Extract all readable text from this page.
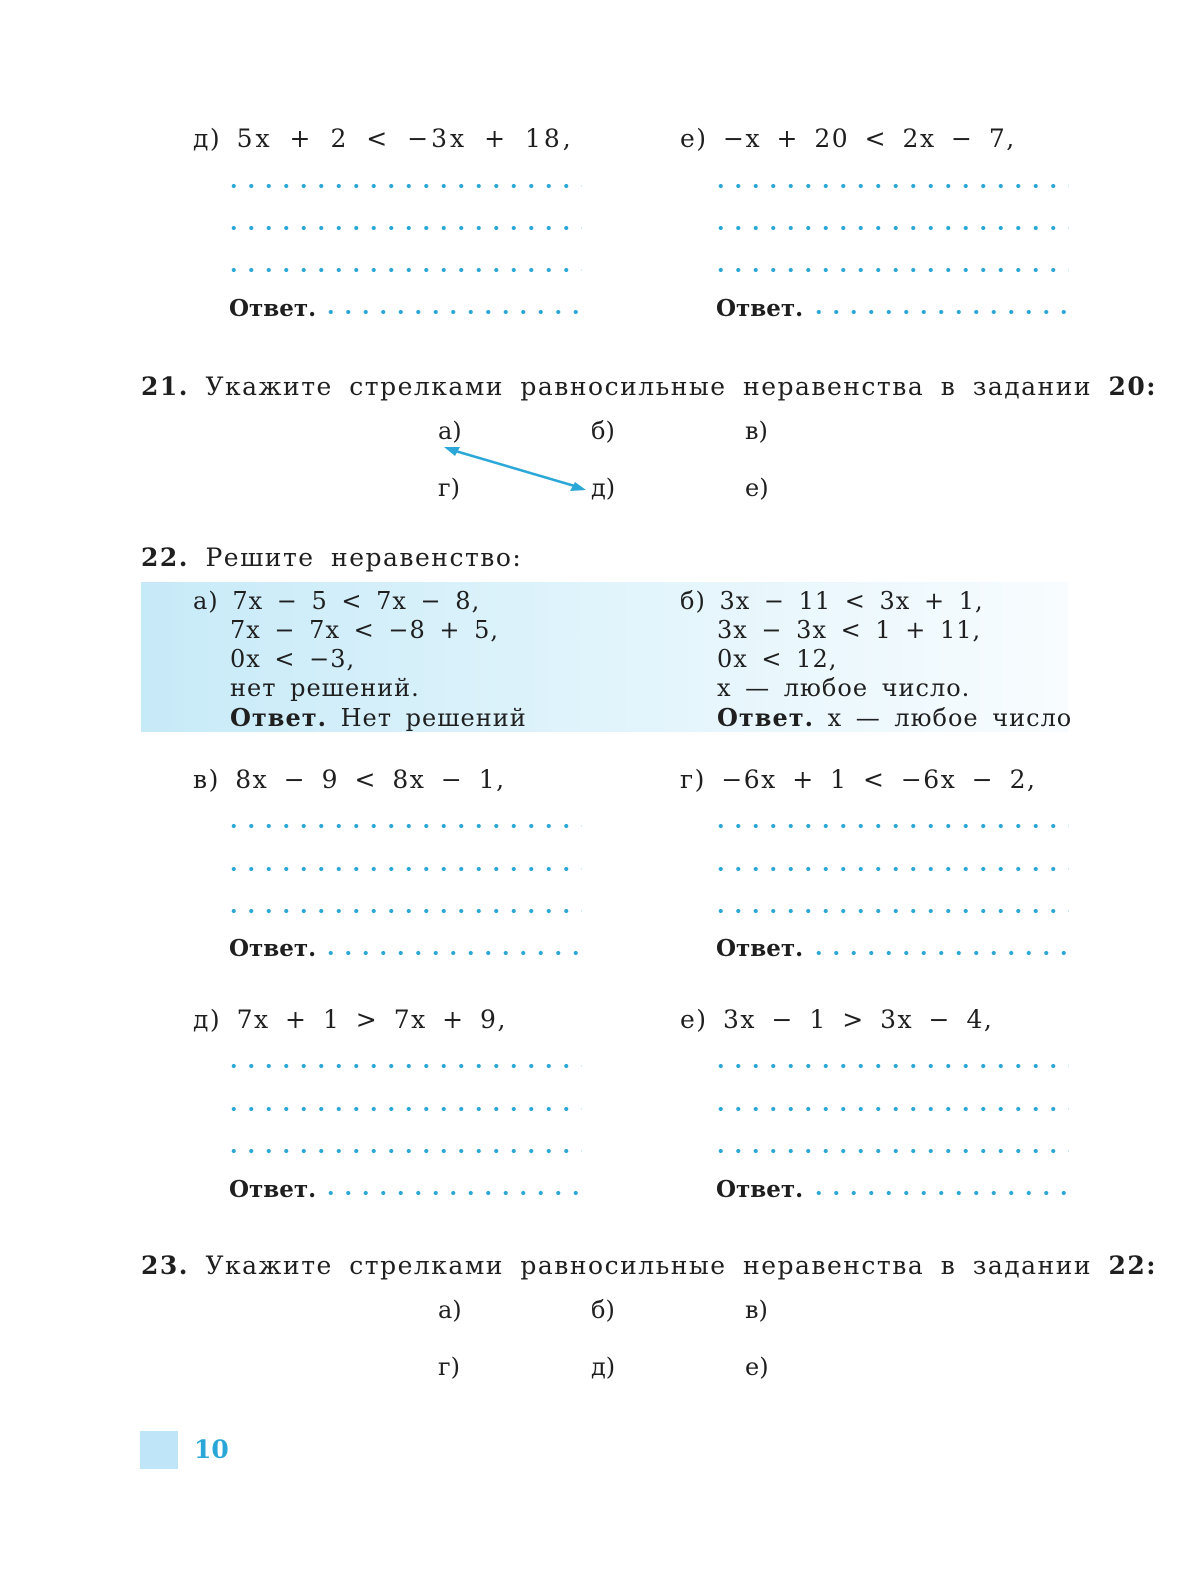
д) 5x + 2 < −3x + 18,	е) −x + 20 < 2x − 7,
Ответ.	Ответ.
21. Укажите стрелками равносильные неравенства в задании 20:
а)	б)	в)
г)	д)	е)
22. Решите неравенство:
а) 7x − 5 < 7x − 8,
7x − 7x < −8 + 5,
0x < −3,
нет решений.
Ответ. Нет решений
б) 3x − 11 < 3x + 1,
3x − 3x < 1 + 11,
0x < 12,
x — любое число.
Ответ. x — любое число
в) 8x − 9 < 8x − 1,	г) −6x + 1 < −6x − 2,
Ответ.	Ответ.
д) 7x + 1 > 7x + 9,	е) 3x − 1 > 3x − 4,
Ответ.	Ответ.
23. Укажите стрелками равносильные неравенства в задании 22:
а)	б)	в)
г)	д)	е)
10
